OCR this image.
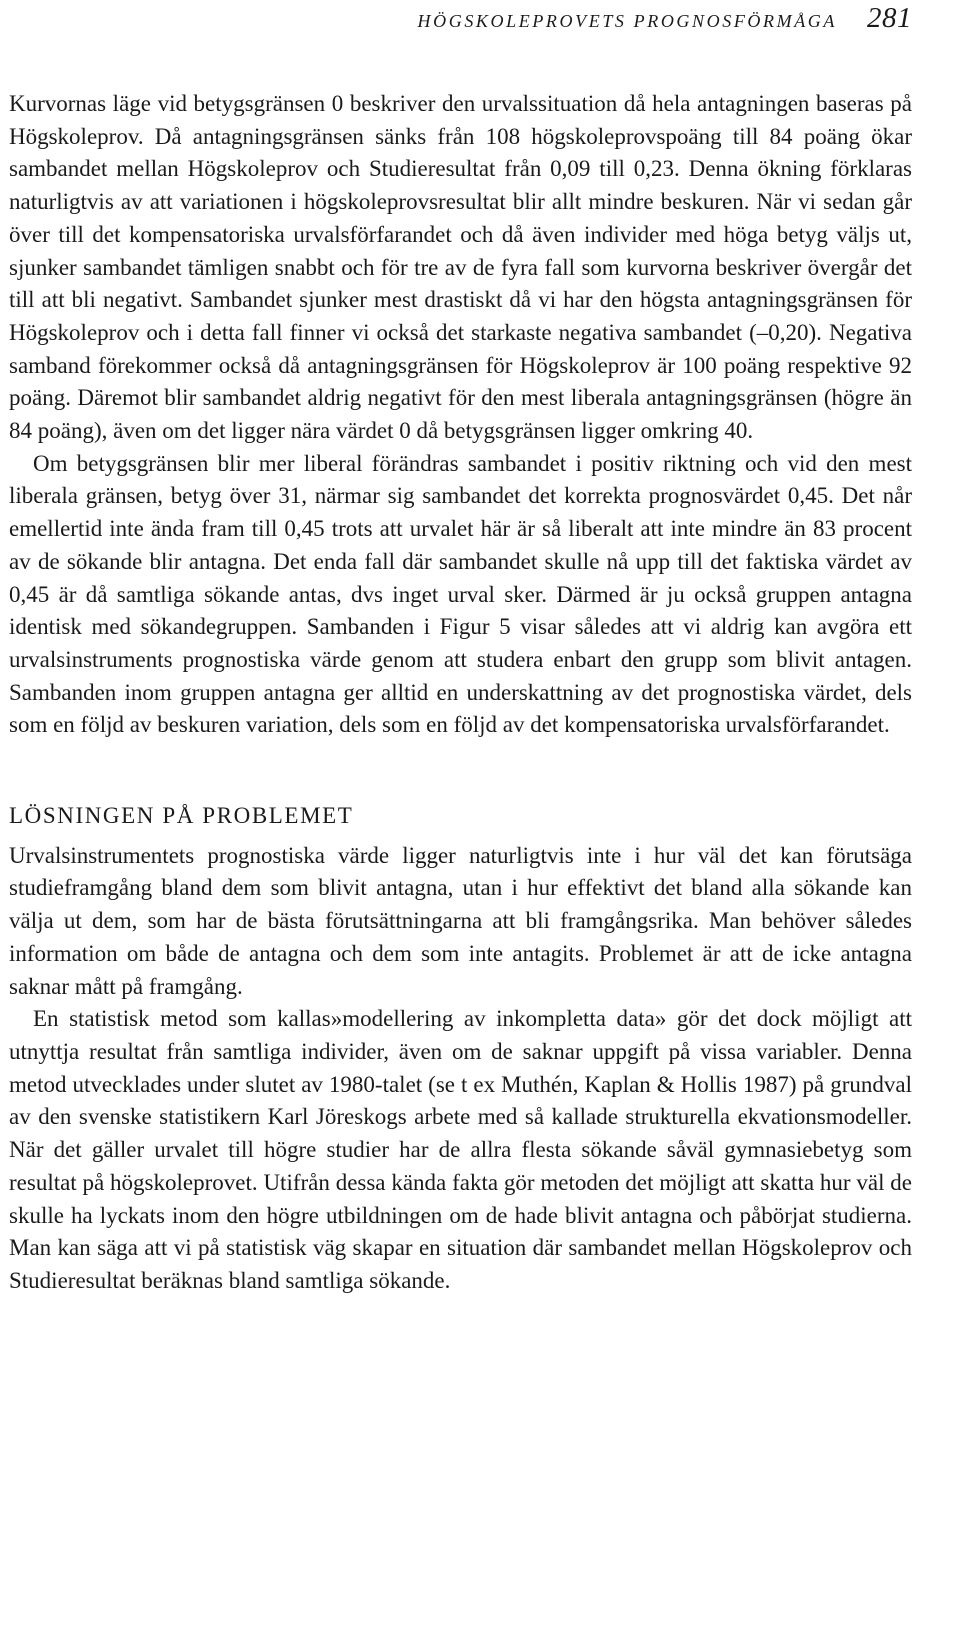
HÖGSKOLEPROVETS PROGNOSFÖRMÅGA 281

Kurvornas läge vid betygsgränsen 0 beskriver den urvalssituation då hela antagningen baseras på Högskoleprov. Då antagningsgränsen sänks från 108 högskoleprovspoäng till 84 poäng ökar sambandet mellan Högskoleprov och Studieresultat från 0,09 till 0,23. Denna ökning förklaras naturligtvis av att variationen i högskoleprovsresultat blir allt mindre beskuren. När vi sedan går över till det kompensatoriska urvalsförfarandet och då även individer med höga betyg väljs ut, sjunker sambandet tämligen snabbt och för tre av de fyra fall som kurvorna beskriver övergår det till att bli negativt. Sambandet sjunker mest drastiskt då vi har den högsta antagningsgränsen för Högskoleprov och i detta fall finner vi också det starkaste negativa sambandet (–0,20). Negativa samband förekommer också då antagningsgränsen för Högskoleprov är 100 poäng respektive 92 poäng. Däremot blir sambandet aldrig negativt för den mest liberala antagningsgränsen (högre än 84 poäng), även om det ligger nära värdet 0 då betygsgränsen ligger omkring 40.

Om betygsgränsen blir mer liberal förändras sambandet i positiv riktning och vid den mest liberala gränsen, betyg över 31, närmar sig sambandet det korrekta prognosvärdet 0,45. Det når emellertid inte ända fram till 0,45 trots att urvalet här är så liberalt att inte mindre än 83 procent av de sökande blir antagna. Det enda fall där sambandet skulle nå upp till det faktiska värdet av 0,45 är då samtliga sökande antas, dvs inget urval sker. Därmed är ju också gruppen antagna identisk med sökandegruppen. Sambanden i Figur 5 visar således att vi aldrig kan avgöra ett urvalsinstruments prognostiska värde genom att studera enbart den grupp som blivit antagen. Sambanden inom gruppen antagna ger alltid en underskattning av det prognostiska värdet, dels som en följd av beskuren variation, dels som en följd av det kompensatoriska urvalsförfarandet.

LÖSNINGEN PÅ PROBLEMET

Urvalsinstrumentets prognostiska värde ligger naturligtvis inte i hur väl det kan förutsäga studieframgång bland dem som blivit antagna, utan i hur effektivt det bland alla sökande kan välja ut dem, som har de bästa förutsättningarna att bli framgångsrika. Man behöver således information om både de antagna och dem som inte antagits. Problemet är att de icke antagna saknar mått på framgång.

En statistisk metod som kallas»modellering av inkompletta data» gör det dock möjligt att utnyttja resultat från samtliga individer, även om de saknar uppgift på vissa variabler. Denna metod utvecklades under slutet av 1980-talet (se t ex Muthén, Kaplan & Hollis 1987) på grundval av den svenske statistikern Karl Jöreskogs arbete med så kallade strukturella ekvationsmodeller. När det gäller urvalet till högre studier har de allra flesta sökande såväl gymnasiebetyg som resultat på högskoleprovet. Utifrån dessa kända fakta gör metoden det möjligt att skatta hur väl de skulle ha lyckats inom den högre utbildningen om de hade blivit antagna och påbörjat studierna. Man kan säga att vi på statistisk väg skapar en situation där sambandet mellan Högskoleprov och Studieresultat beräknas bland samtliga sökande.
